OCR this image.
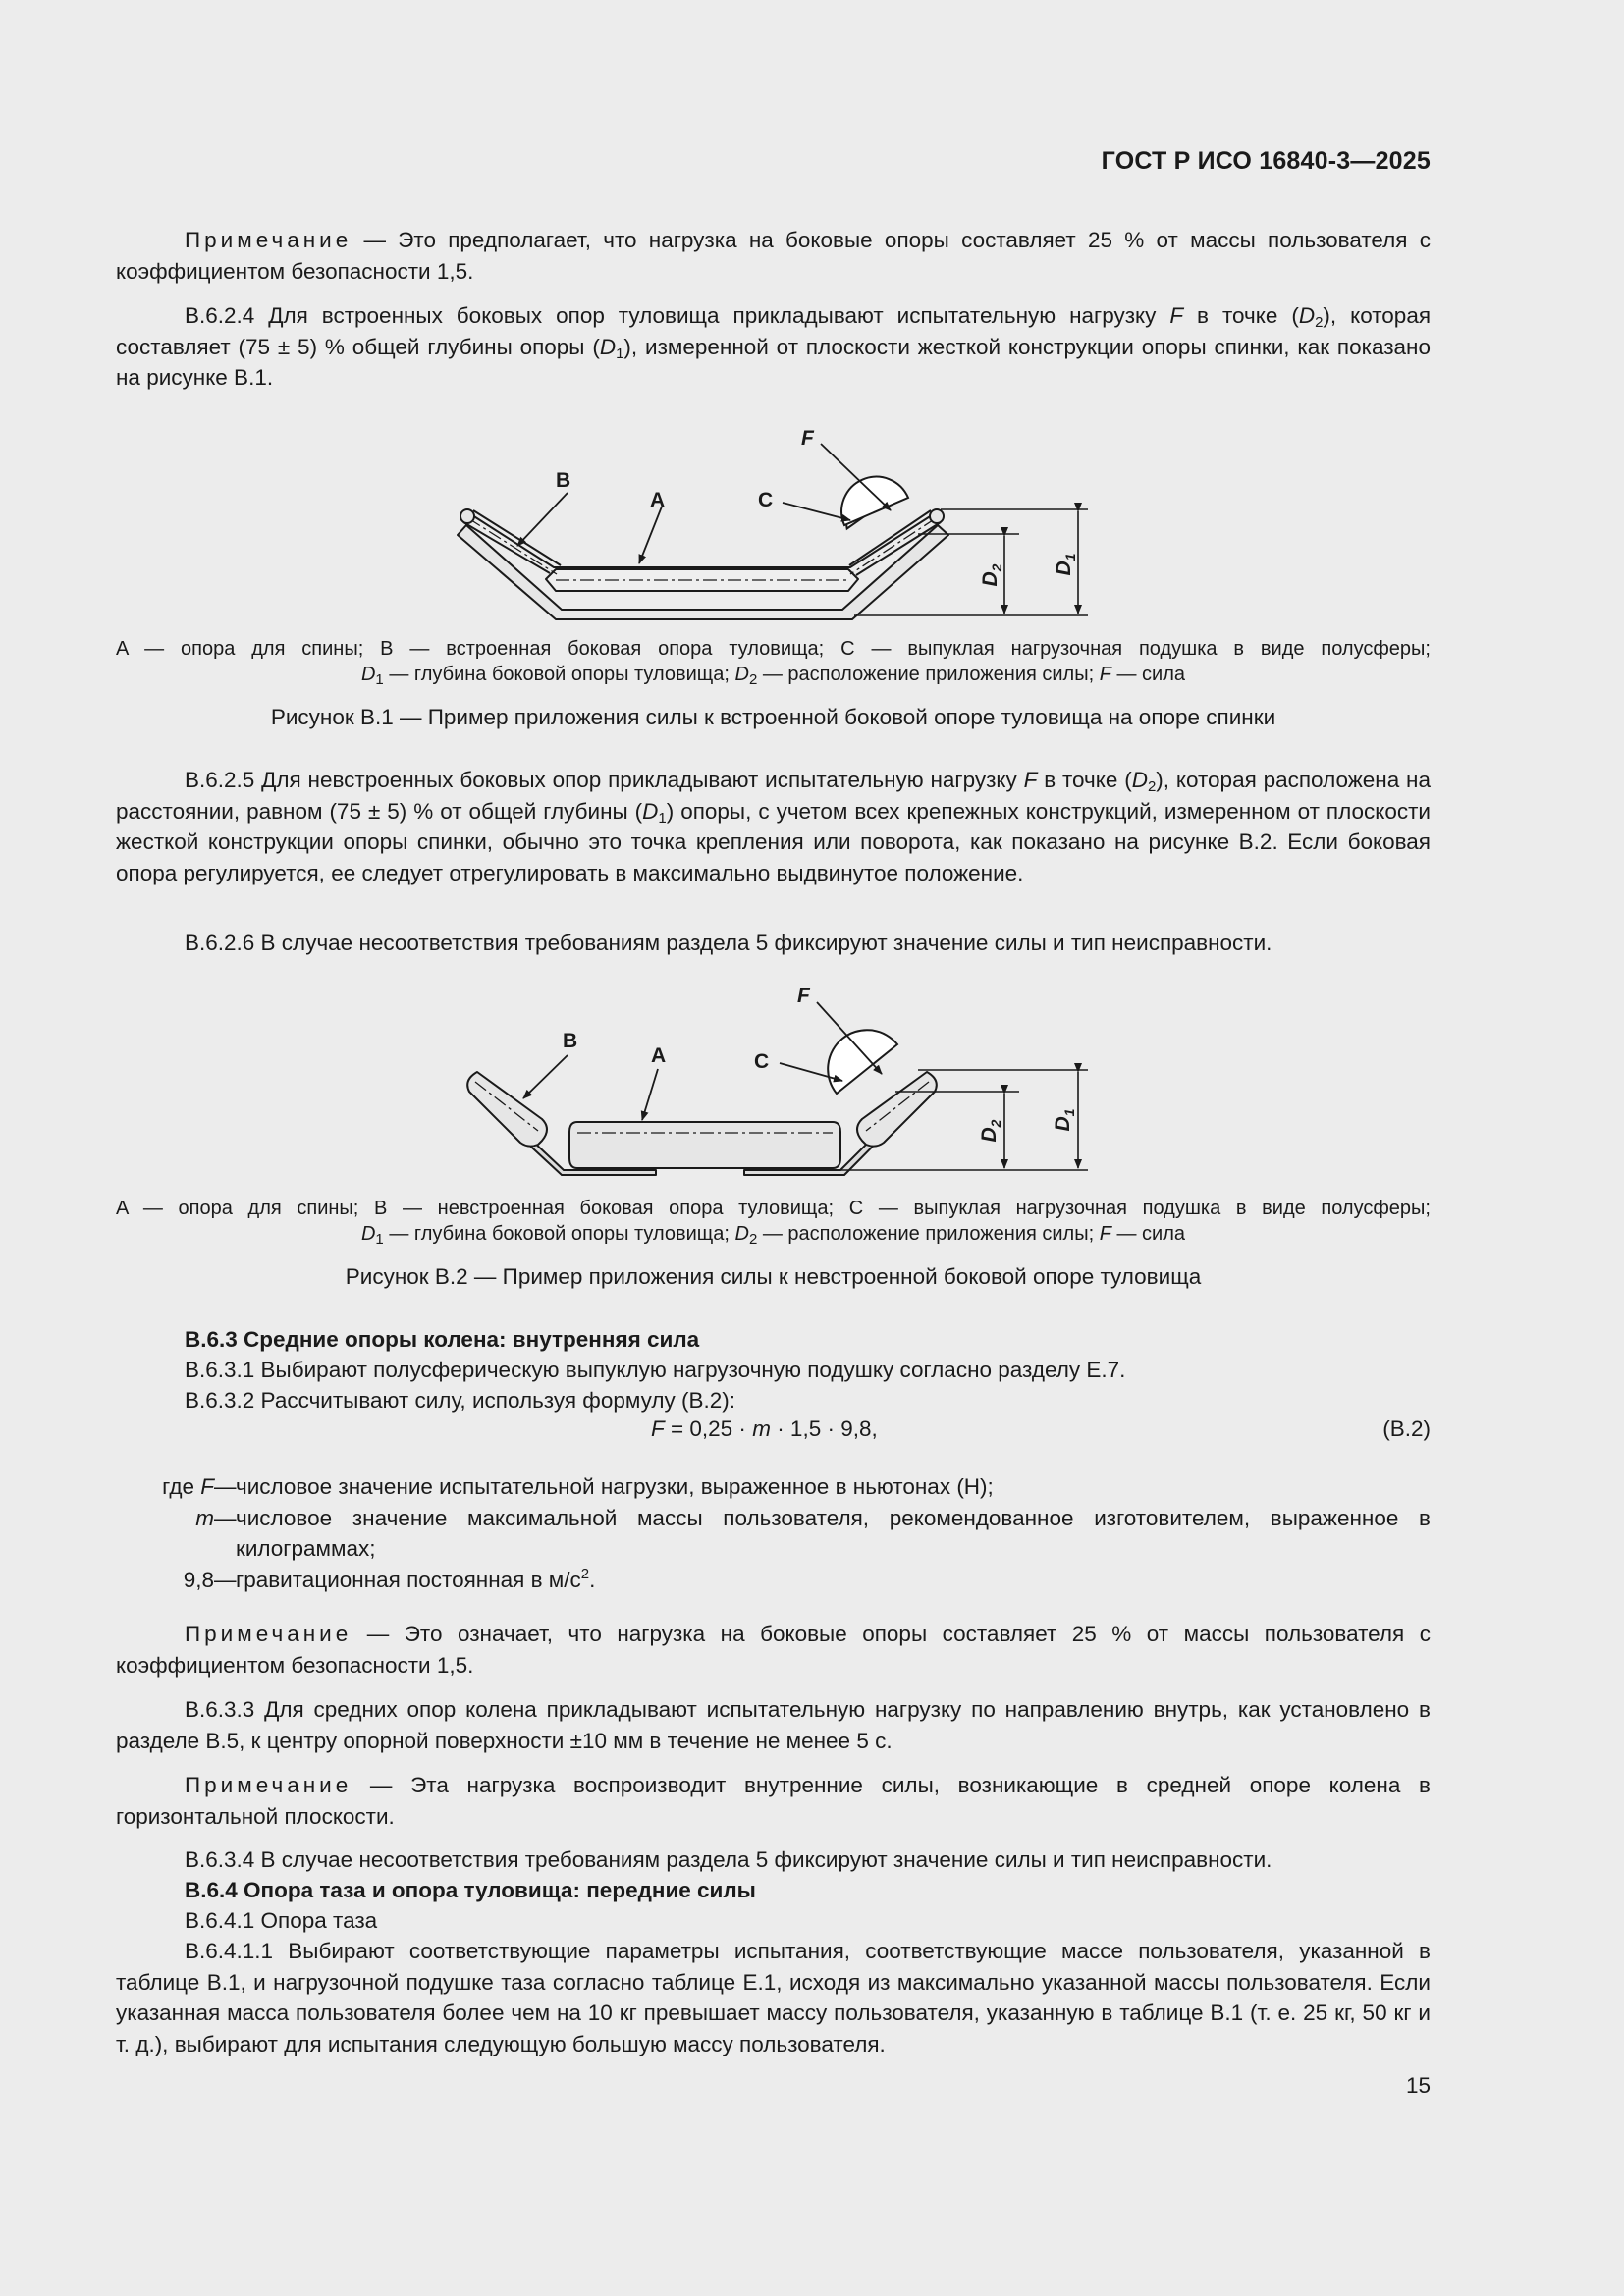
ГОСТ Р ИСО 16840-3—2025
Примечание — Это предполагает, что нагрузка на боковые опоры составляет 25 % от массы пользователя с коэффициентом безопасности 1,5.
В.6.2.4 Для встроенных боковых опор туловища прикладывают испытательную нагрузку F в точке $(D_2)$, которая составляет (75 ± 5) % общей глубины опоры $(D_1)$, измеренной от плоскости жесткой конструкции опоры спинки, как показано на рисунке В.1.
B
A	C
F
$D_2$ $D_1$
A — опора для спины; B — встроенная боковая опора туловища; C — выпуклая нагрузочная подушка в виде полусферы;
$D_1$ — глубина боковой опоры туловища; $D_2$ — расположение приложения силы; F — сила
Рисунок В.1 — Пример приложения силы к встроенной боковой опоре туловища на опоре спинки
В.6.2.5 Для невстроенных боковых опор прикладывают испытательную нагрузку F в точке $(D_2)$, которая расположена на расстоянии, равном (75 ± 5) % от общей глубины $(D_1)$ опоры, с учетом всех крепежных конструкций, измеренном от плоскости жесткой конструкции опоры спинки, обычно это точка крепления или поворота, как показано на рисунке В.2. Если боковая опора регулируется, ее следует отрегулировать в максимально выдвинутое положение.
В.6.2.6 В случае несоответствия требованиям раздела 5 фиксируют значение силы и тип неисправности.
B
A	C
F
$D_2$ $D_1$
A — опора для спины; B — невстроенная боковая опора туловища; C — выпуклая нагрузочная подушка в виде полусферы;
$D_1$ — глубина боковой опоры туловища; $D_2$ — расположение приложения силы; F — сила
Рисунок В.2 — Пример приложения силы к невстроенной боковой опоре туловища
В.6.3 Средние опоры колена: внутренняя сила
В.6.3.1 Выбирают полусферическую выпуклую нагрузочную подушку согласно разделу Е.7.
В.6.3.2 Рассчитывают силу, используя формулу (В.2):
F = 0,25 · m · 1,5 · 9,8,	(В.2)
где F — числовое значение испытательной нагрузки, выраженное в ньютонах (Н);
m — числовое значение максимальной массы пользователя, рекомендованное изготовителем, выраженное в килограммах;
9,8 — гравитационная постоянная в $м/с^2$.
Примечание — Это означает, что нагрузка на боковые опоры составляет 25 % от массы пользователя с коэффициентом безопасности 1,5.
В.6.3.3 Для средних опор колена прикладывают испытательную нагрузку по направлению внутрь, как установлено в разделе В.5, к центру опорной поверхности ±10 мм в течение не менее 5 с.
Примечание — Эта нагрузка воспроизводит внутренние силы, возникающие в средней опоре колена в горизонтальной плоскости.
В.6.3.4 В случае несоответствия требованиям раздела 5 фиксируют значение силы и тип неисправности.
В.6.4 Опора таза и опора туловища: передние силы
В.6.4.1 Опора таза
В.6.4.1.1 Выбирают соответствующие параметры испытания, соответствующие массе пользователя, указанной в таблице В.1, и нагрузочной подушке таза согласно таблице Е.1, исходя из максимально указанной массы пользователя. Если указанная масса пользователя более чем на 10 кг превышает массу пользователя, указанную в таблице В.1 (т. е. 25 кг, 50 кг и т. д.), выбирают для испытания следующую большую массу пользователя.
15
